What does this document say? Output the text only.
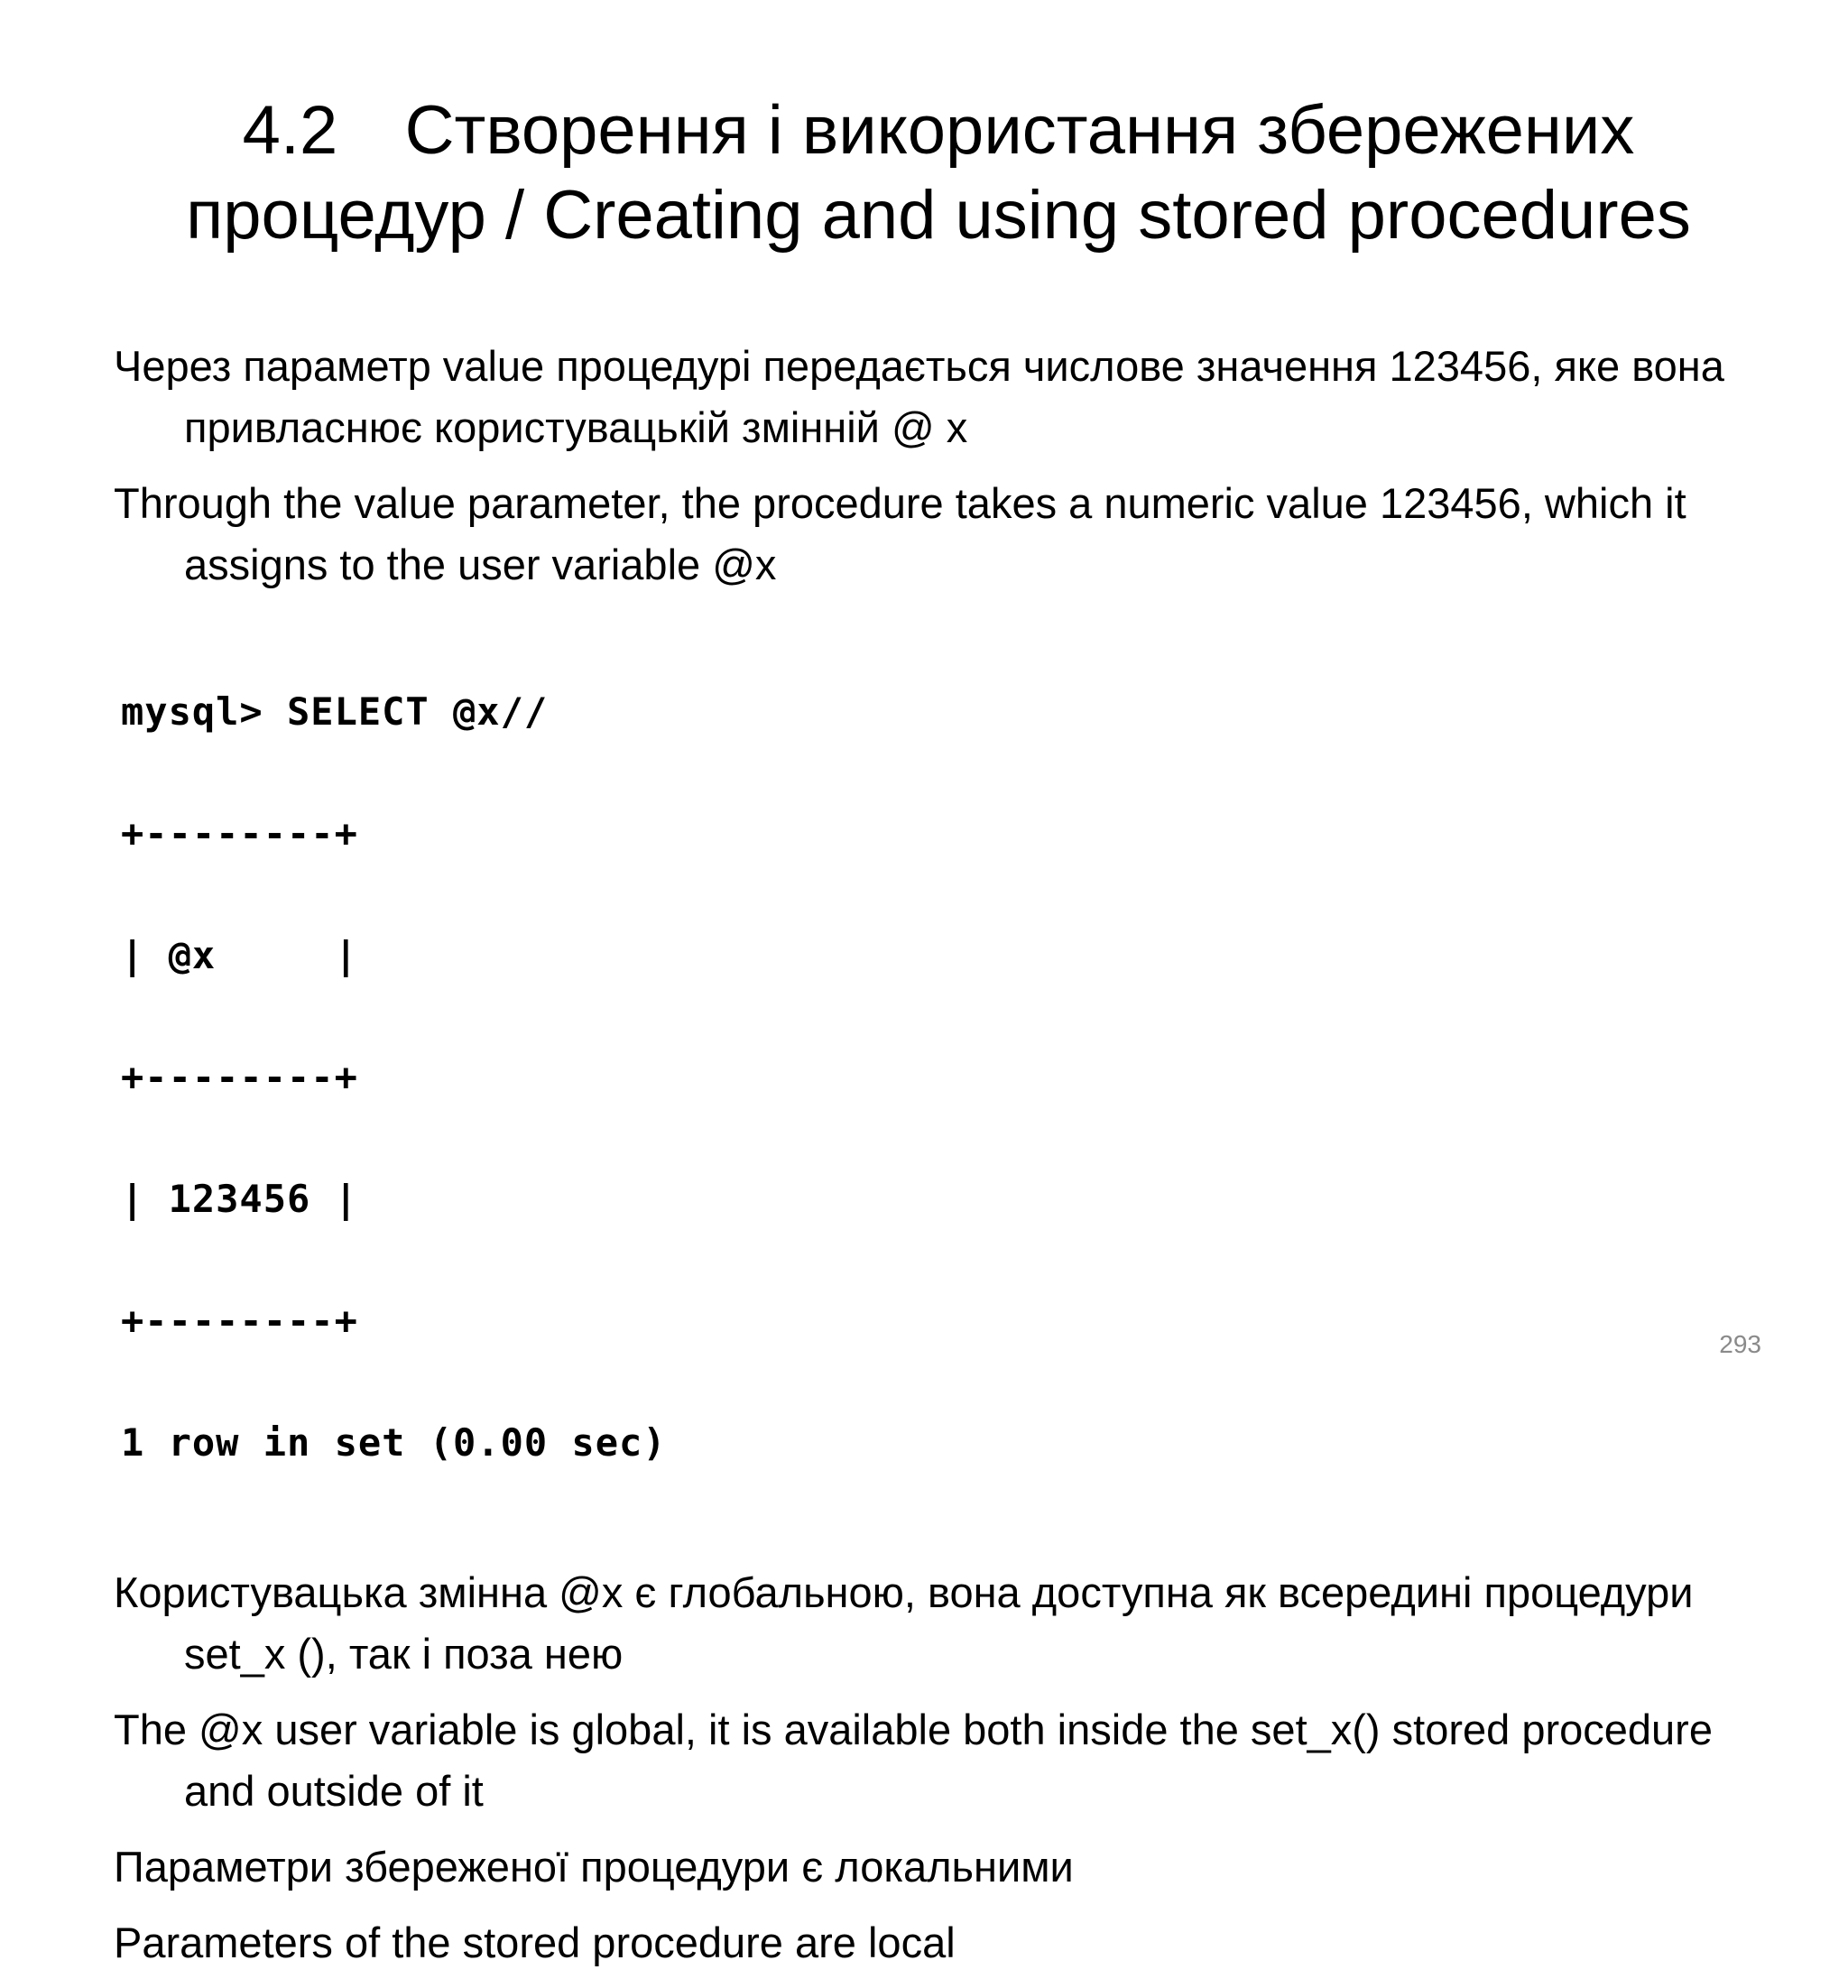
4.2 Створення і використання збережених
процедур / Creating and using stored procedures

Через параметр value процедурі передається числове значення 123456, яке вона привласнює користувацькій змінній @ x

Through the value parameter, the procedure takes a numeric value 123456, which it assigns to the user variable @x

mysql> SELECT @x//

+--------+

| @x     |

+--------+

| 123456 |

+--------+

1 row in set (0.00 sec)

Користувацька змінна @x є глобальною, вона доступна як всередині процедури set_x (), так і поза нею

The @x user variable is global, it is available both inside the set_x() stored procedure and outside of it

Параметри збереженої процедури є локальними

Parameters of the stored procedure are local

293
